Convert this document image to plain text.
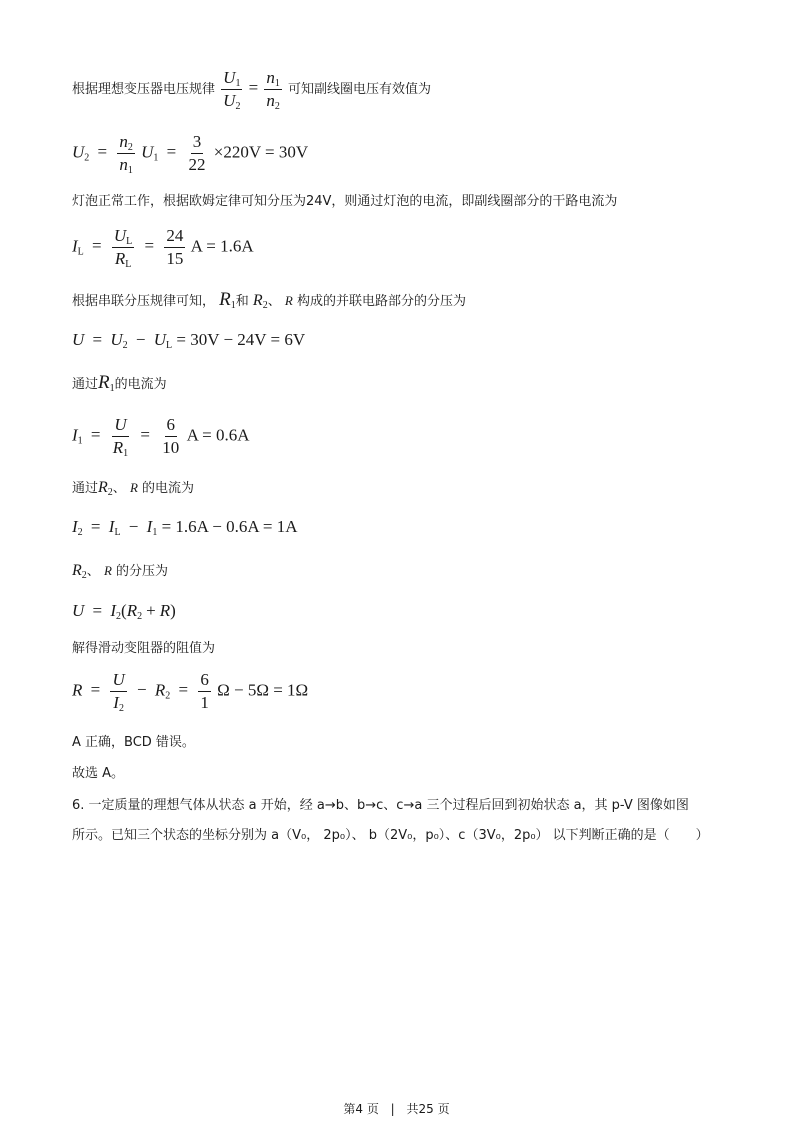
根据理想变压器电压规律 $\frac{U_1}{U_2} = \frac{n_1}{n_2}$ 可知副线圈电压有效值为
$U_2 = \frac{n_2}{n_1} U_1 = \frac{3}{22} \times 220V = 30V$
灯泡正常工作，根据欧姆定律可知分压为24V，则通过灯泡的电流，即副线圈部分的干路电流为
$I_L = \frac{U_L}{R_L} = \frac{24}{15}$ A = 1.6A
根据串联分压规律可知， $R_1$和 $R_2$、 R 构成的并联电路部分的分压为
$U = U_2 - U_L = 30V - 24V = 6V$
通过$R_1$的电流为
$I_1 = \frac{U}{R_1} = \frac{6}{10}$ A = 0.6A
通过$R_2$、 R 的电流为
$I_2 = I_L - I_1 = 1.6A - 0.6A = 1A$
$R_2$、 R 的分压为
$U = I_2(R_2 + R)$
解得滑动变阻器的阻值为
$R = \frac{U}{I_2} - R_2 = \frac{6}{1}$ Ω − 5Ω = 1Ω
A 正确，BCD 错误。
故选 A。
6. 一定质量的理想气体从状态 a 开始，经 a→b、b→c、c→a 三个过程后回到初始状态 a，其 p-V 图像如图
所示。已知三个状态的坐标分别为 a（V₀， 2p₀）、 b（2V₀，p₀）、c（3V₀，2p₀） 以下判断正确的是（　　）
第4 页 | 共25 页
